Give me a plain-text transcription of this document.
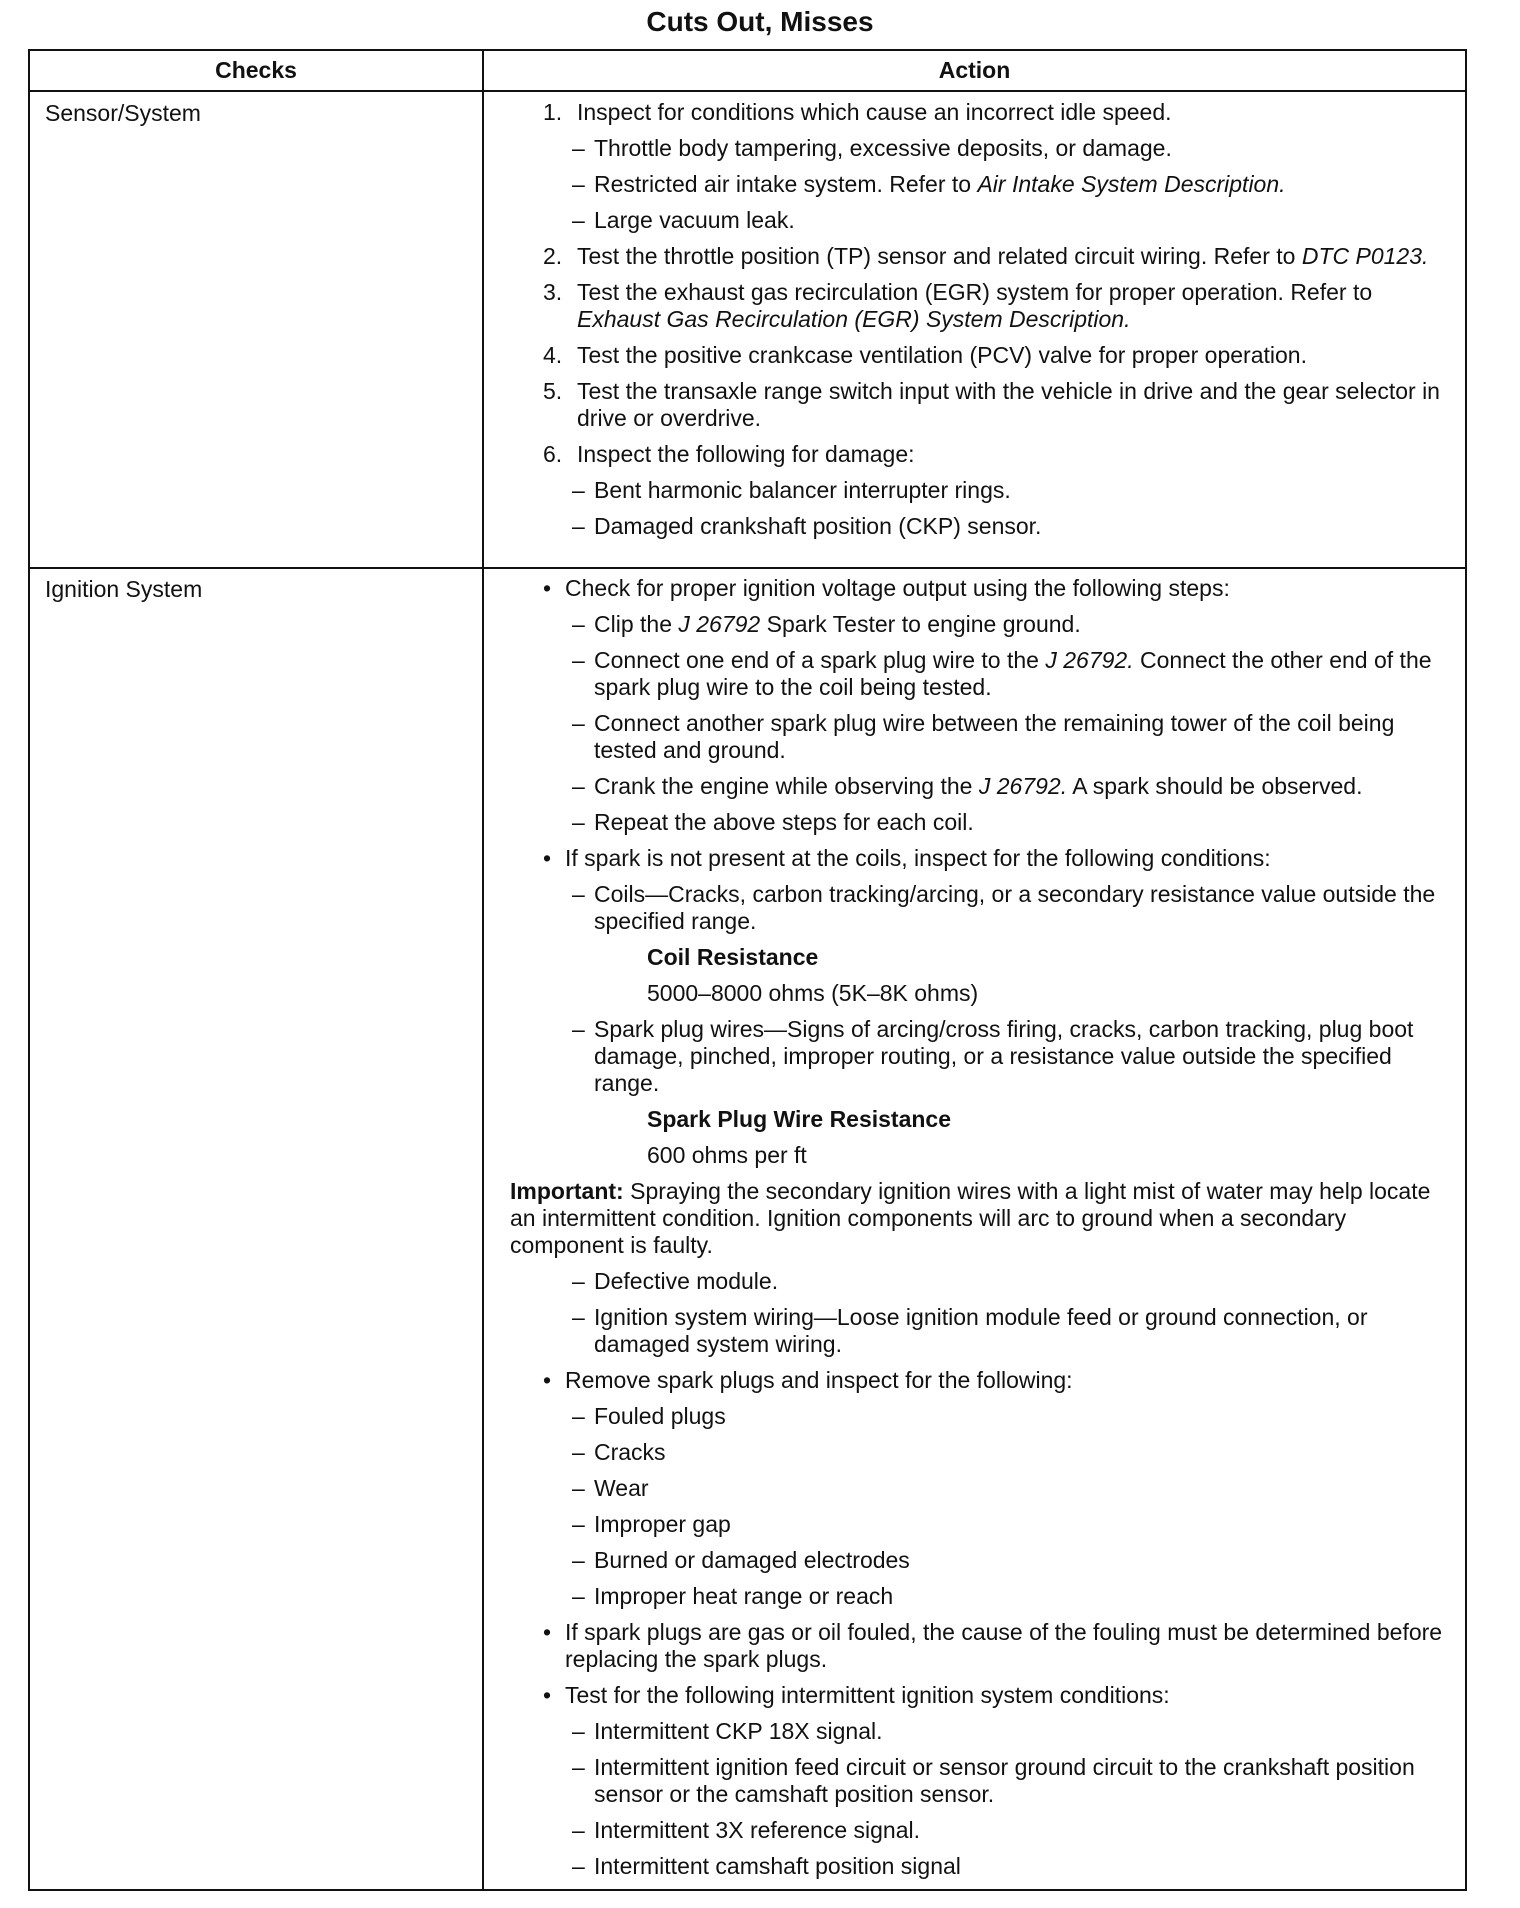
Cuts Out, Misses
Checks	Action
Sensor/System	1. Inspect for conditions which cause an incorrect idle speed.
– Throttle body tampering, excessive deposits, or damage.
– Restricted air intake system. Refer to Air Intake System Description.
– Large vacuum leak.
2. Test the throttle position (TP) sensor and related circuit wiring. Refer to DTC P0123.
3. Test the exhaust gas recirculation (EGR) system for proper operation. Refer to Exhaust Gas Recirculation (EGR) System Description.
4. Test the positive crankcase ventilation (PCV) valve for proper operation.
5. Test the transaxle range switch input with the vehicle in drive and the gear selector in drive or overdrive.
6. Inspect the following for damage:
– Bent harmonic balancer interrupter rings.
– Damaged crankshaft position (CKP) sensor.
Ignition System	• Check for proper ignition voltage output using the following steps:
– Clip the J 26792 Spark Tester to engine ground.
– Connect one end of a spark plug wire to the J 26792. Connect the other end of the spark plug wire to the coil being tested.
– Connect another spark plug wire between the remaining tower of the coil being tested and ground.
– Crank the engine while observing the J 26792. A spark should be observed.
– Repeat the above steps for each coil.
• If spark is not present at the coils, inspect for the following conditions:
– Coils—Cracks, carbon tracking/arcing, or a secondary resistance value outside the specified range.
Coil Resistance
5000–8000 ohms (5K–8K ohms)
– Spark plug wires—Signs of arcing/cross firing, cracks, carbon tracking, plug boot damage, pinched, improper routing, or a resistance value outside the specified range.
Spark Plug Wire Resistance
600 ohms per ft
Important: Spraying the secondary ignition wires with a light mist of water may help locate an intermittent condition. Ignition components will arc to ground when a secondary component is faulty.
– Defective module.
– Ignition system wiring—Loose ignition module feed or ground connection, or damaged system wiring.
• Remove spark plugs and inspect for the following:
– Fouled plugs
– Cracks
– Wear
– Improper gap
– Burned or damaged electrodes
– Improper heat range or reach
• If spark plugs are gas or oil fouled, the cause of the fouling must be determined before replacing the spark plugs.
• Test for the following intermittent ignition system conditions:
– Intermittent CKP 18X signal.
– Intermittent ignition feed circuit or sensor ground circuit to the crankshaft position sensor or the camshaft position sensor.
– Intermittent 3X reference signal.
– Intermittent camshaft position signal
